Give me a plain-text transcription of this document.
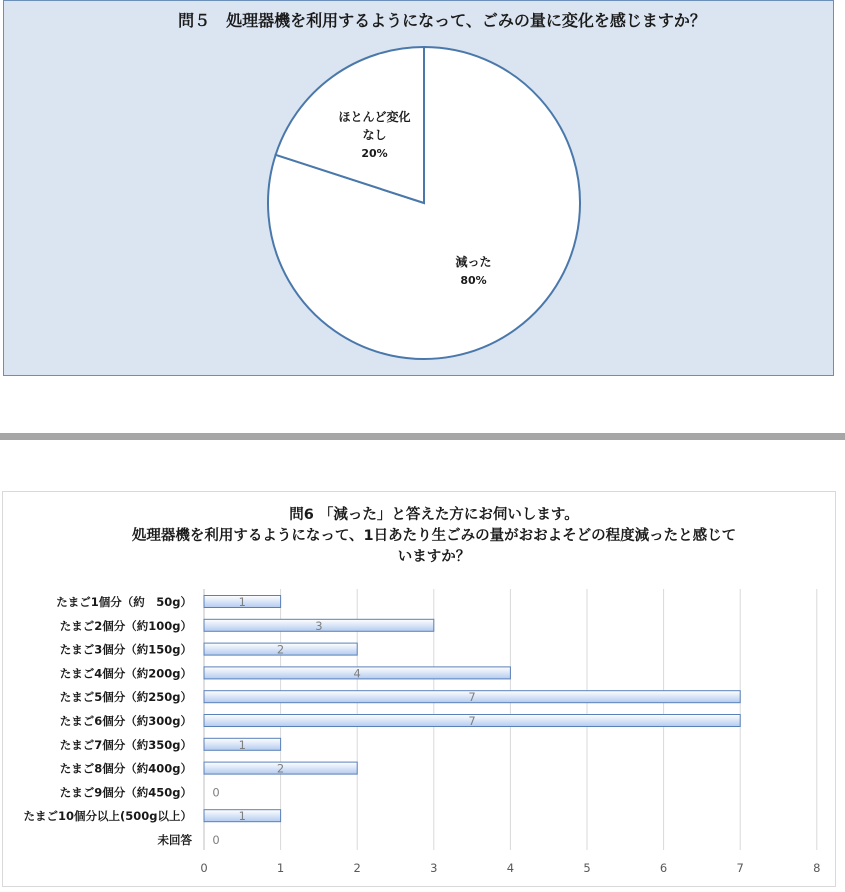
問５　処理器機を利用するようになって、ごみの量に変化を感じますか？
減った
80%
ほとんど変化
なし
20%
問6 「減った」と答えた方にお伺いします。
処理器機を利用するようになって、1日あたり生ごみの量がおおよそどの程度減ったと感じて
いますか？
0	1	2	3	4	5	6	7	8
たまご1個分（約　50g）	1
たまご2個分（約100g）	3
たまご3個分（約150g）	2
たまご4個分（約200g）	4
たまご5個分（約250g）	7
たまご6個分（約300g）	7
たまご7個分（約350g）	1
たまご8個分（約400g）	2
たまご9個分（約450g） 0
たまご10個分以上(500g以上）	1
未回答 0
